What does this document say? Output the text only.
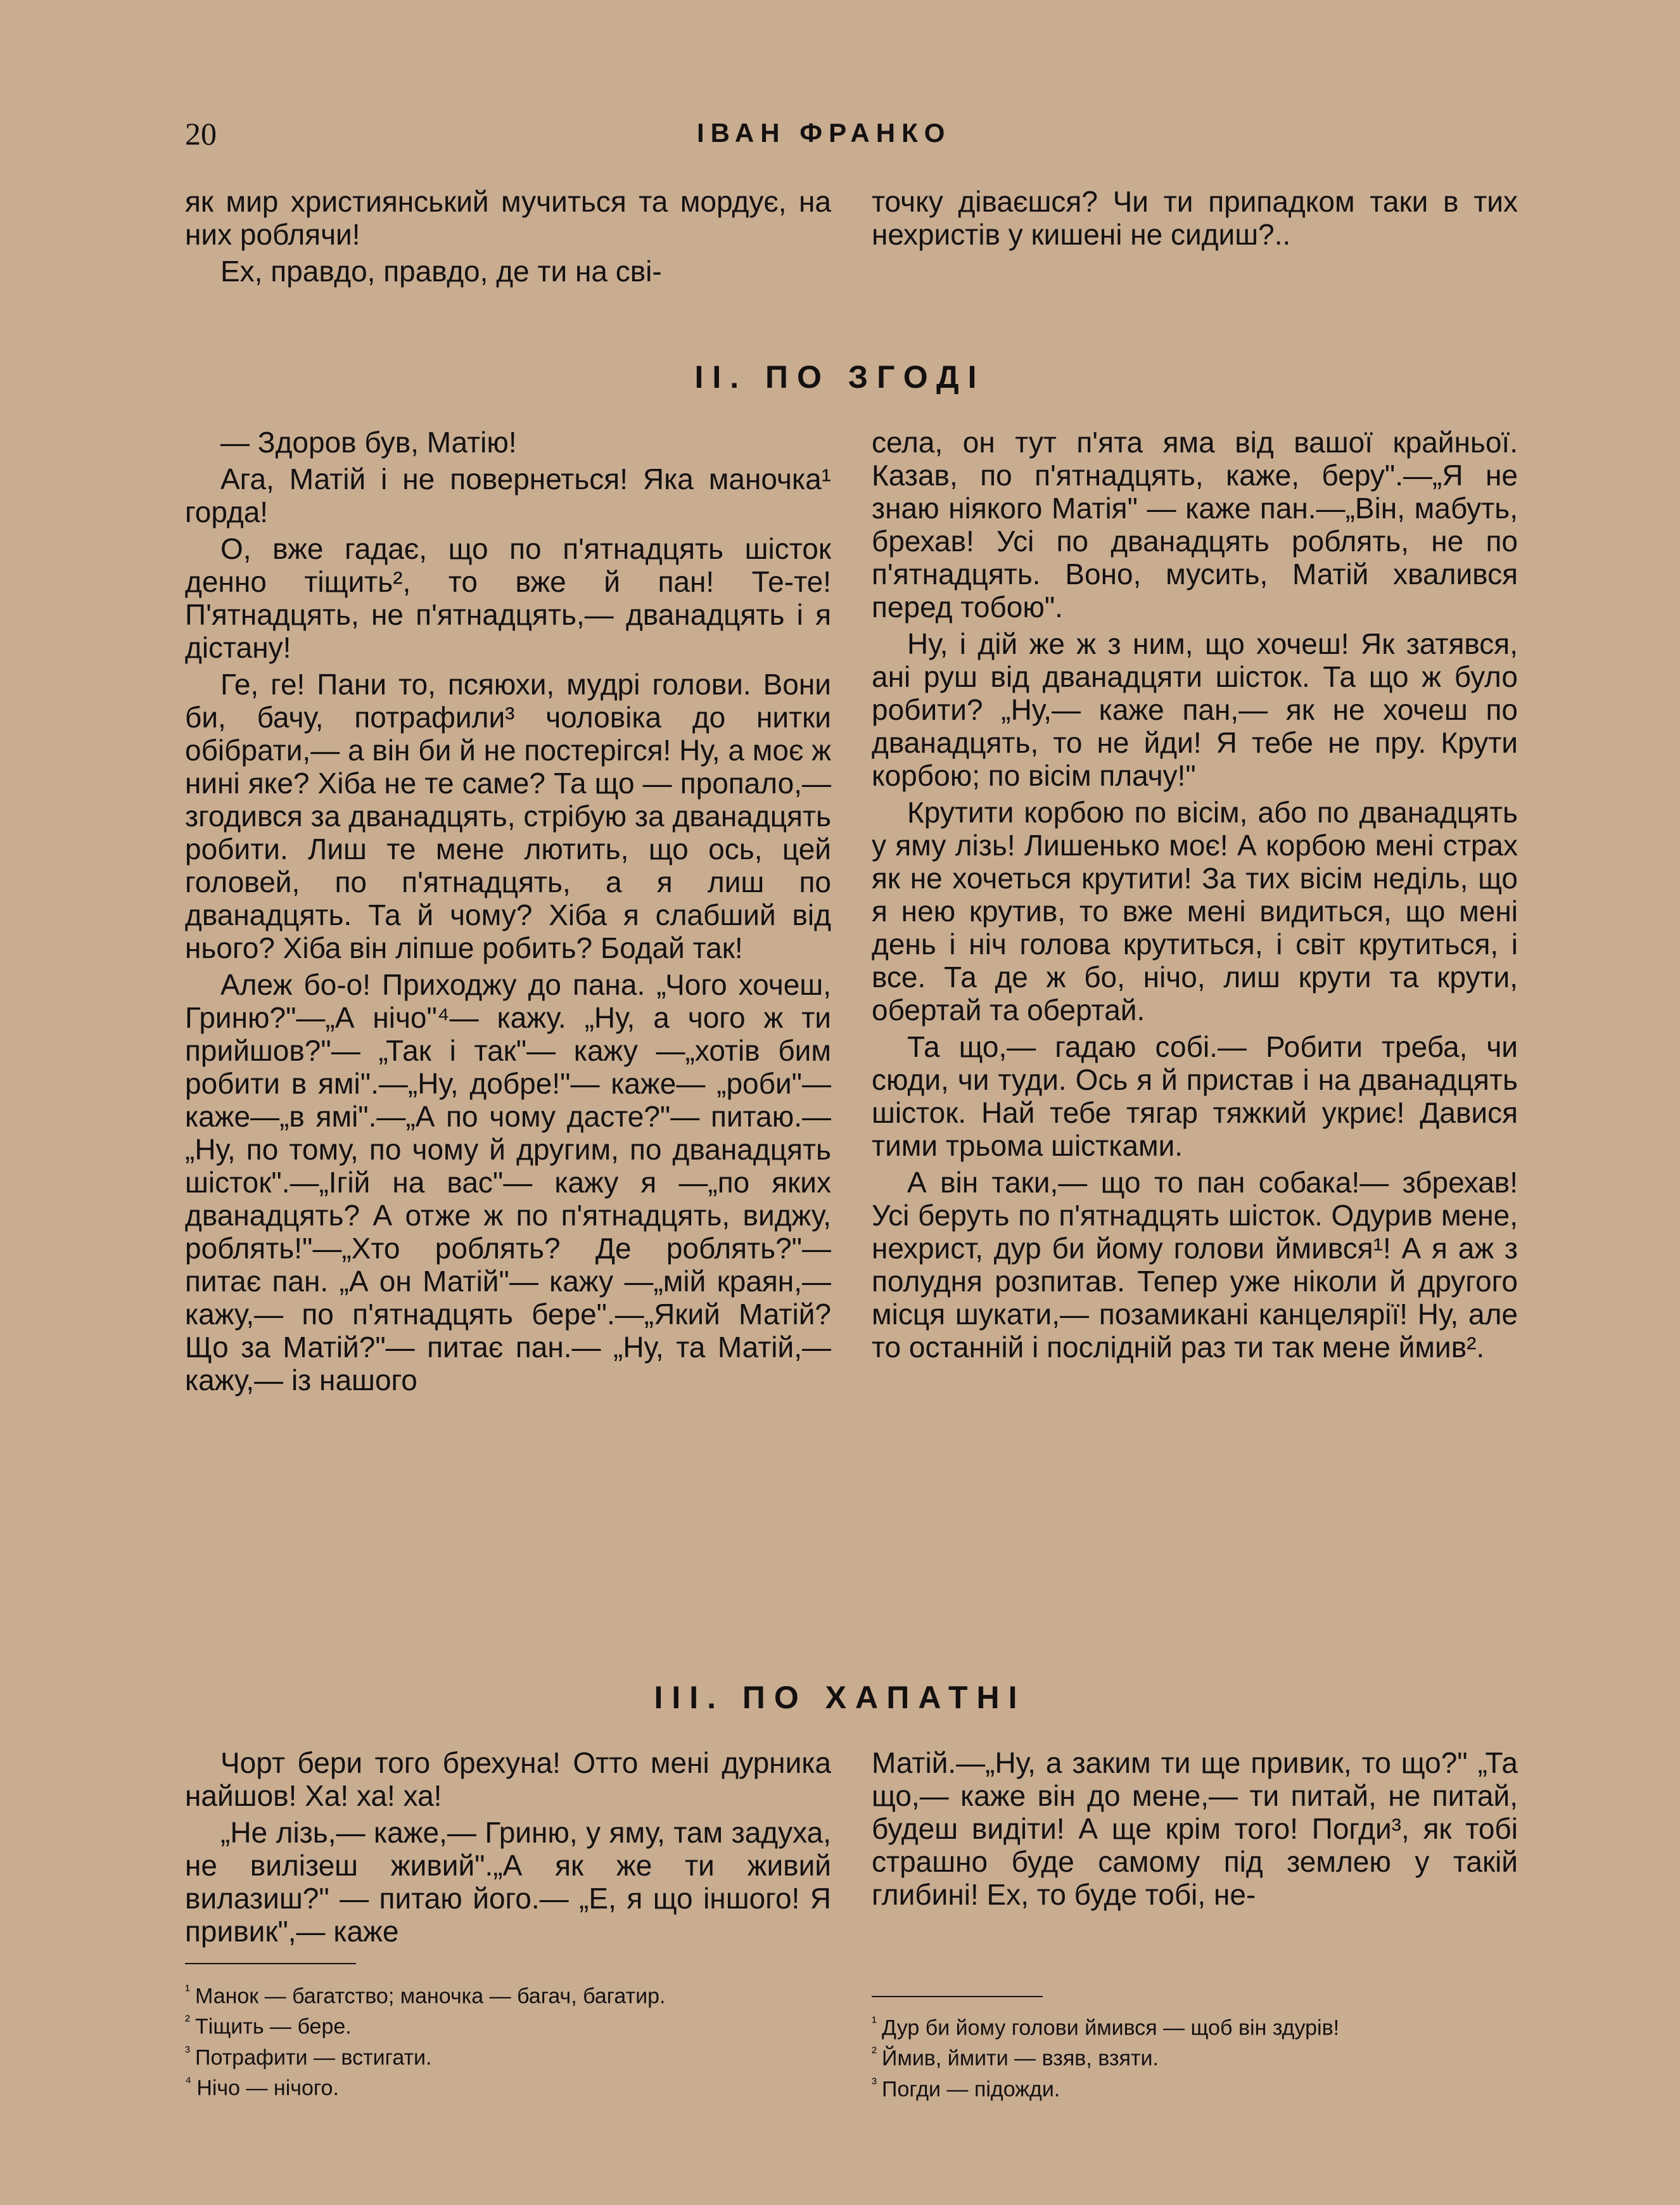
20	ІВАН ФРАНКО

як мир християнський мучиться та мордує, на них роблячи!

Ех, правдо, правдо, де ти на сві-

точку діваєшся? Чи ти припадком таки в тих нехристів у кишені не сидиш?..

II. ПО ЗГОДІ

— Здоров був, Матію!

Ага, Матій і не повернеться! Яка маночка¹ горда!

О, вже гадає, що по п'ятнадцять шісток денно тіщить², то вже й пан! Те-те! П'ятнадцять, не п'ятнадцять,— дванадцять і я дістану!

Ге, ге! Пани то, псяюхи, мудрі голови. Вони би, бачу, потрафили³ чоловіка до нитки обібрати,— а він би й не постерігся! Ну, а моє ж нині яке? Хіба не те саме? Та що — пропало,— згодився за дванадцять, стрібую за дванадцять робити. Лиш те мене лютить, що ось, цей головей, по п'ятнадцять, а я лиш по дванадцять. Та й чому? Хіба я слабший від нього? Хіба він ліпше робить? Бодай так!

Алеж бо-о! Приходжу до пана. „Чого хочеш, Гриню?"—„А нічо"⁴— кажу. „Ну, а чого ж ти прийшов?"— „Так і так"— кажу —„хотів бим робити в ямі".—„Ну, добре!"— каже— „роби"— каже—„в ямі".—„А по чому дасте?"— питаю.—„Ну, по тому, по чому й другим, по дванадцять шісток".—„Ігій на вас"— кажу я —„по яких дванадцять? А отже ж по п'ятнадцять, виджу, роблять!"—„Хто роблять? Де роблять?"— питає пан. „А он Матій"— кажу —„мій краян,— кажу,— по п'ятнадцять бере".—„Який Матій? Що за Матій?"— питає пан.— „Ну, та Матій,— кажу,— із нашого

села, он тут п'ята яма від вашої крайньої. Казав, по п'ятнадцять, каже, беру".—„Я не знаю ніякого Матія" — каже пан.—„Він, мабуть, брехав! Усі по дванадцять роблять, не по п'ятнадцять. Воно, мусить, Матій хвалився перед тобою".

Ну, і дій же ж з ним, що хочеш! Як затявся, ані руш від дванадцяти шісток. Та що ж було робити? „Ну,— каже пан,— як не хочеш по дванадцять, то не йди! Я тебе не пру. Крути корбою; по вісім плачу!"

Крутити корбою по вісім, або по дванадцять у яму лізь! Лишенько моє! А корбою мені страх як не хочеться крутити! За тих вісім неділь, що я нею крутив, то вже мені видиться, що мені день і ніч голова крутиться, і світ крутиться, і все. Та де ж бо, нічо, лиш крути та крути, обертай та обертай.

Та що,— гадаю собі.— Робити треба, чи сюди, чи туди. Ось я й пристав і на дванадцять шісток. Най тебе тягар тяжкий укриє! Давися тими трьома шістками.

А він таки,— що то пан собака!— збрехав! Усі беруть по п'ятнадцять шісток. Одурив мене, нехрист, дур би йому голови ймився¹! А я аж з полудня розпитав. Тепер уже ніколи й другого місця шукати,— позамикані канцелярії! Ну, але то останній і послідній раз ти так мене ймив².

III. ПО ХАПАТНІ

Чорт бери того брехуна! Отто мені дурника найшов! Ха! ха! ха!

„Не лізь,— каже,— Гриню, у яму, там задуха, не вилізеш живий".„А як же ти живий вилазиш?" — питаю його.— „Е, я що іншого! Я привик",— каже

Матій.—„Ну, а заким ти ще привик, то що?" „Та що,— каже він до мене,— ти питай, не питай, будеш видіти! А ще крім того! Погди³, як тобі страшно буде самому під землею у такій глибині! Ех, то буде тобі, не-

$^{^1}$ Манок — багатство; маночка — багач, багатир.
$^{^2}$ Тіщить — бере.
$^{^3}$ Потрафити — встигати.
$^{^4}$ Нічо — нічого.
$^{^1}$ Дур би йому голови ймився — щоб він здурів!
$^{^2}$ Ймив, ймити — взяв, взяти.
$^{^3}$ Погди — підожди.
